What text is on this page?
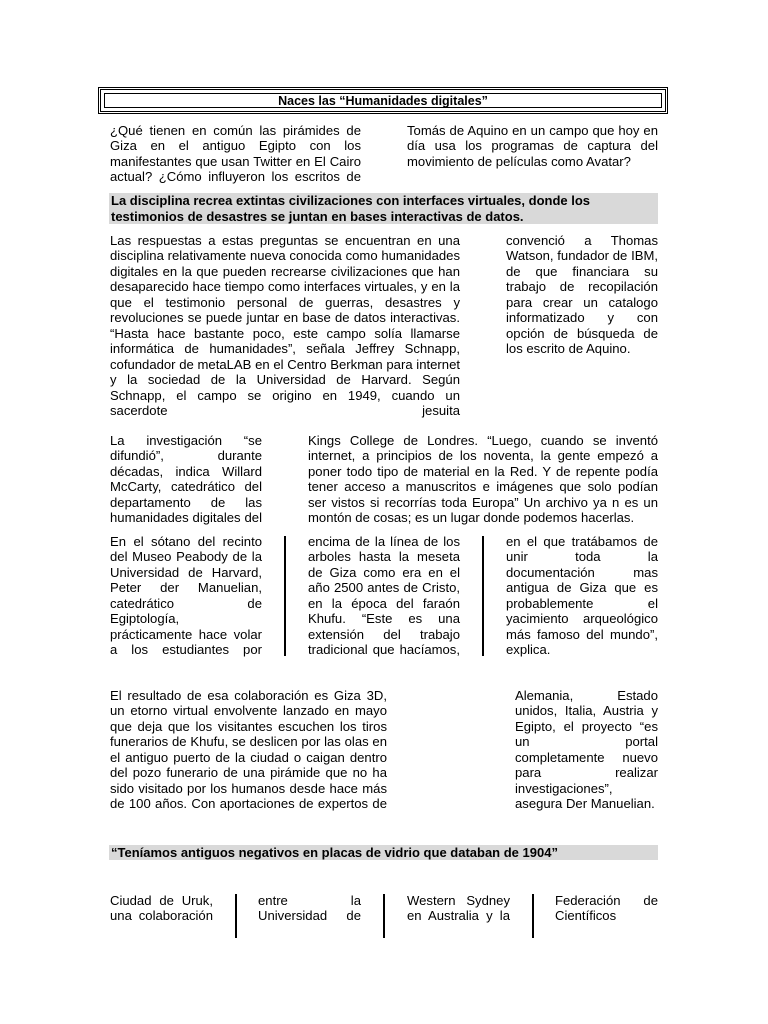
Naces las “Humanidades digitales”

¿Qué tienen en común las pirámides de Giza en el antiguo Egipto con los manifestantes que usan Twitter en El Cairo actual? ¿Cómo influyeron los escritos de

Tomás de Aquino en un campo que hoy en día usa los programas de captura del movimiento de películas como Avatar?

La disciplina recrea extintas civilizaciones con interfaces virtuales, donde los testimonios de desastres se juntan en bases interactivas de datos.

Las respuestas a estas preguntas se encuentran en una disciplina relativamente nueva conocida como humanidades digitales en la que pueden recrearse civilizaciones que han desaparecido hace tiempo como interfaces virtuales, y en la que el testimonio personal de guerras, desastres y revoluciones se puede juntar en base de datos interactivas. “Hasta hace bastante poco, este campo solía llamarse informática de humanidades”, señala Jeffrey Schnapp, cofundador de metaLAB en el Centro Berkman para internet y la sociedad de la Universidad de Harvard. Según Schnapp, el campo se origino en 1949, cuando un sacerdote jesuita

convenció a Thomas Watson, fundador de IBM, de que financiara su trabajo de recopilación para crear un catalogo informatizado y con opción de búsqueda de los escrito de Aquino.

La investigación “se difundió”, durante décadas, indica Willard McCarty, catedrático del departamento de las humanidades digitales del

Kings College de Londres. “Luego, cuando se inventó internet, a principios de los noventa, la gente empezó a poner todo tipo de material en la Red. Y de repente podía tener acceso a manuscritos e imágenes que solo podían ser vistos si recorrías toda Europa” Un archivo ya n es un montón de cosas; es un lugar donde podemos hacerlas.

En el sótano del recinto del Museo Peabody de la Universidad de Harvard, Peter der Manuelian, catedrático de Egiptología, prácticamente hace volar a los estudiantes por

encima de la línea de los arboles hasta la meseta de Giza como era en el año 2500 antes de Cristo, en la época del faraón Khufu. “Este es una extensión del trabajo tradicional que hacíamos,

en el que tratábamos de unir toda la documentación mas antigua de Giza que es probablemente el yacimiento arqueológico más famoso del mundo”, explica.

El resultado de esa colaboración es Giza 3D, un etorno virtual envolvente lanzado en mayo que deja que los visitantes escuchen los tiros funerarios de Khufu, se deslicen por las olas en el antiguo puerto de la ciudad o caigan dentro del pozo funerario de una pirámide que no ha sido visitado por los humanos desde hace más de 100 años. Con aportaciones de expertos de

Alemania, Estado unidos, Italia, Austria y Egipto, el proyecto “es un portal completamente nuevo para realizar investigaciones”, asegura Der Manuelian.

“Teníamos antiguos negativos en placas de vidrio que databan de 1904”

Ciudad de Uruk, una colaboración

entre la Universidad de

Western Sydney en Australia y la

Federación de Científicos
